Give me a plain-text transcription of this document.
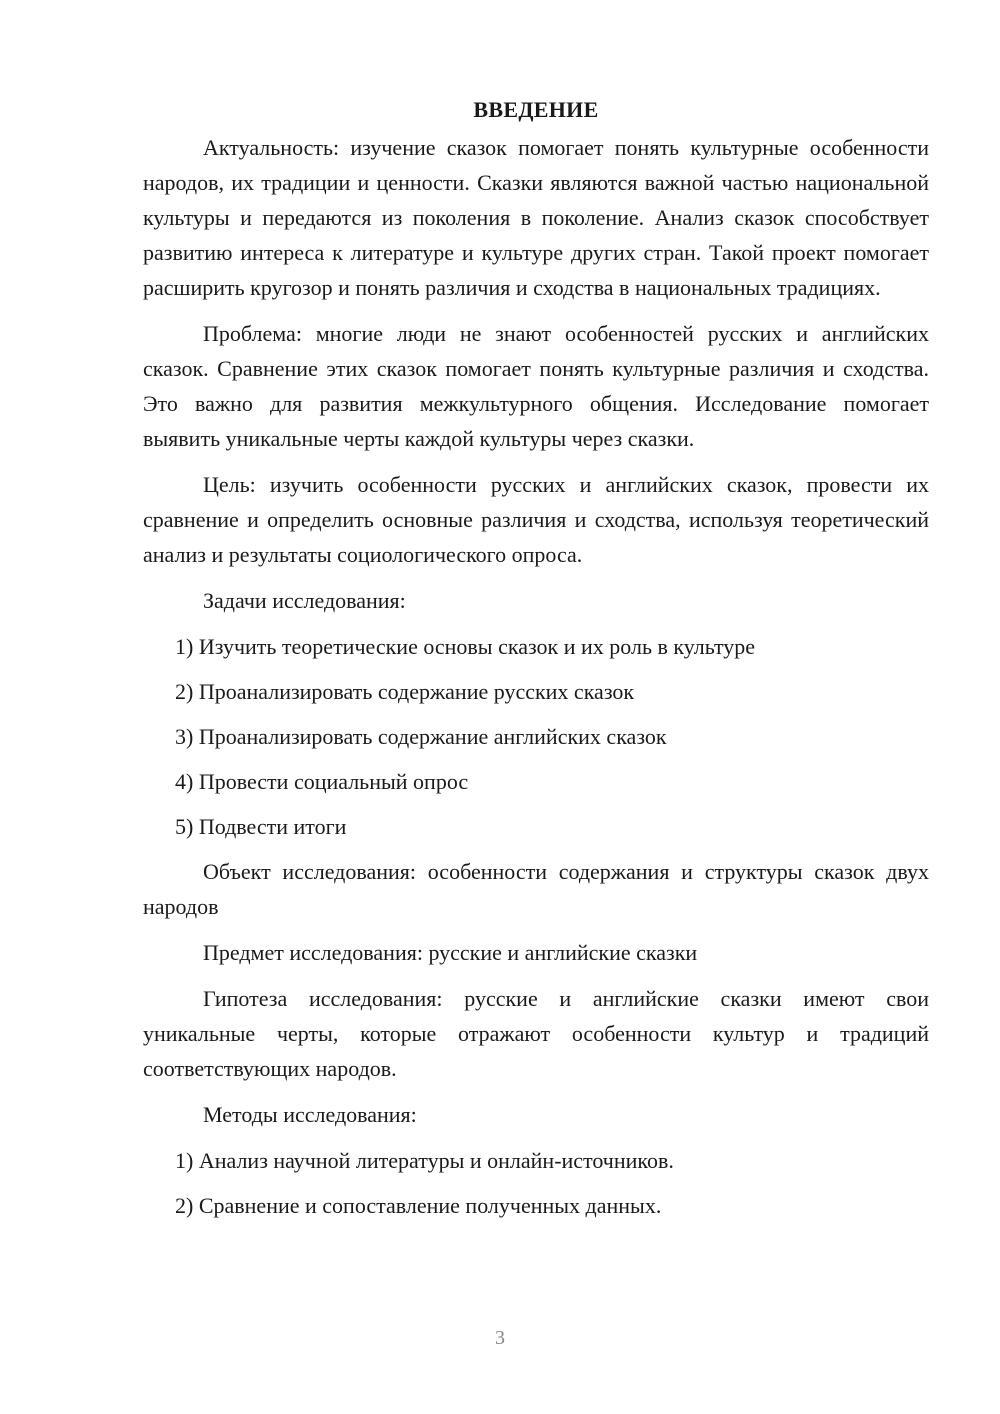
ВВЕДЕНИЕ

Актуальность: изучение сказок помогает понять культурные особенности народов, их традиции и ценности. Сказки являются важной частью национальной культуры и передаются из поколения в поколение. Анализ сказок способствует развитию интереса к литературе и культуре других стран. Такой проект помогает расширить кругозор и понять различия и сходства в национальных традициях.

Проблема: многие люди не знают особенностей русских и английских сказок. Сравнение этих сказок помогает понять культурные различия и сходства. Это важно для развития межкультурного общения. Исследование помогает выявить уникальные черты каждой культуры через сказки.

Цель: изучить особенности русских и английских сказок, провести их сравнение и определить основные различия и сходства, используя теоретический анализ и результаты социологического опроса.

Задачи исследования:

1) Изучить теоретические основы сказок и их роль в культуре

2) Проанализировать содержание русских сказок

3) Проанализировать содержание английских сказок

4) Провести социальный опрос

5) Подвести итоги

Объект исследования: особенности содержания и структуры сказок двух народов

Предмет исследования: русские и английские сказки

Гипотеза исследования: русские и английские сказки имеют свои уникальные черты, которые отражают особенности культур и традиций соответствующих народов.

Методы исследования:

1) Анализ научной литературы и онлайн-источников.

2) Сравнение и сопоставление полученных данных.

3
